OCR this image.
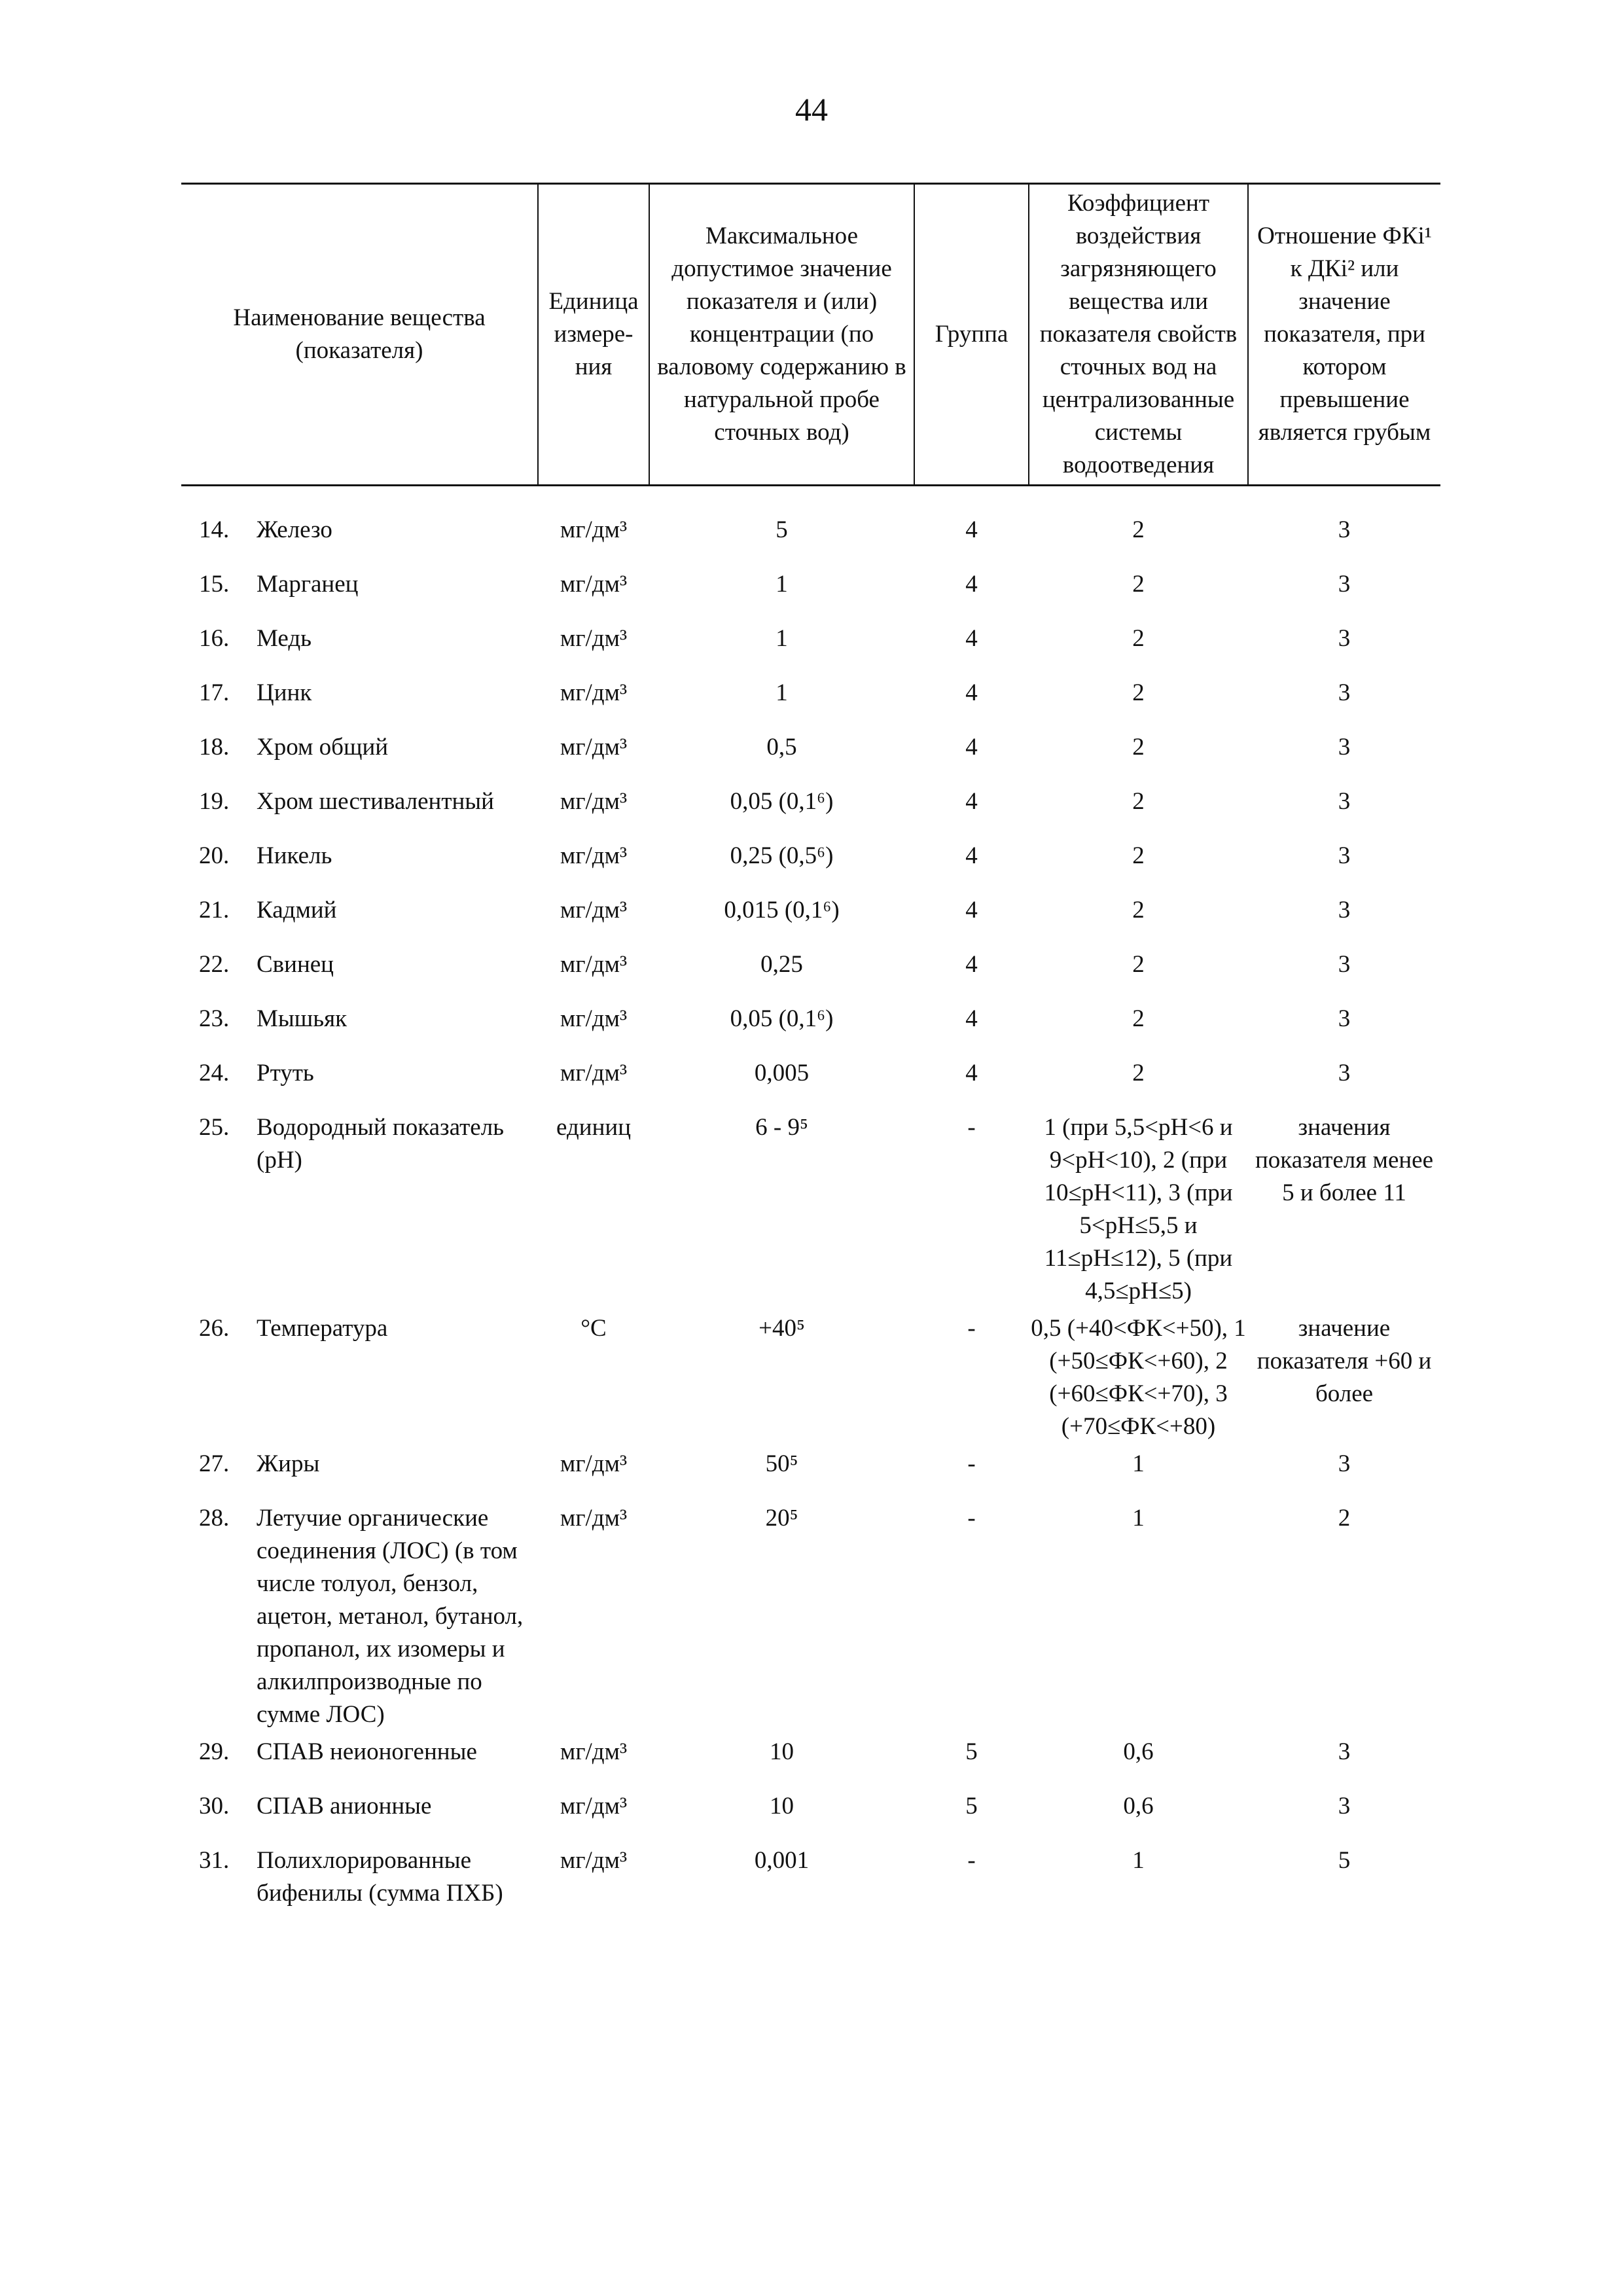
44
Наименование вещества (показателя)		Единица измере-ния	Максимальное допустимое значение показателя и (или) концентрации (по валовому содержанию в натуральной пробе сточных вод)	Группа	Коэффициент воздействия загрязняющего вещества или показателя свойств сточных вод на централизованные системы водоотведения	Отношение ФКi¹ к ДКi² или значение показателя, при котором превышение является грубым

14.	Железо	мг/дм³	5	4	2	3

15.	Марганец	мг/дм³	1	4	2	3

16.	Медь	мг/дм³	1	4	2	3

17.	Цинк	мг/дм³	1	4	2	3

18.	Хром общий	мг/дм³	0,5	4	2	3

19.	Хром шестивалентный	мг/дм³	0,05 (0,1⁶)	4	2	3

20.	Никель	мг/дм³	0,25 (0,5⁶)	4	2	3

21.	Кадмий	мг/дм³	0,015 (0,1⁶)	4	2	3

22.	Свинец	мг/дм³	0,25	4	2	3

23.	Мышьяк	мг/дм³	0,05 (0,1⁶)	4	2	3

24.	Ртуть	мг/дм³	0,005	4	2	3

25.	Водородный показатель (pH)	единиц	6 - 9⁵	-	1 (при 5,5<pH<6 и 9<pH<10), 2 (при 10≤pH<11), 3 (при 5<pH≤5,5 и 11≤pH≤12), 5 (при 4,5≤pH≤5)	значения показателя менее 5 и более 11

26.	Температура	°С	+40⁵	-	0,5 (+40<ФК<+50), 1 (+50≤ФК<+60), 2 (+60≤ФК<+70), 3 (+70≤ФК<+80)	значение показателя +60 и более

27.	Жиры	мг/дм³	50⁵	-	1	3

28.	Летучие органические соединения (ЛОС) (в том числе толуол, бензол, ацетон, метанол, бутанол, пропанол, их изомеры и алкилпроизводные по сумме ЛОС)	мг/дм³	20⁵	-	1	2

29.	СПАВ неионогенные	мг/дм³	10	5	0,6	3

30.	СПАВ анионные	мг/дм³	10	5	0,6	3

31.	Полихлорированные бифенилы (сумма ПХБ)	мг/дм³	0,001	-	1	5
